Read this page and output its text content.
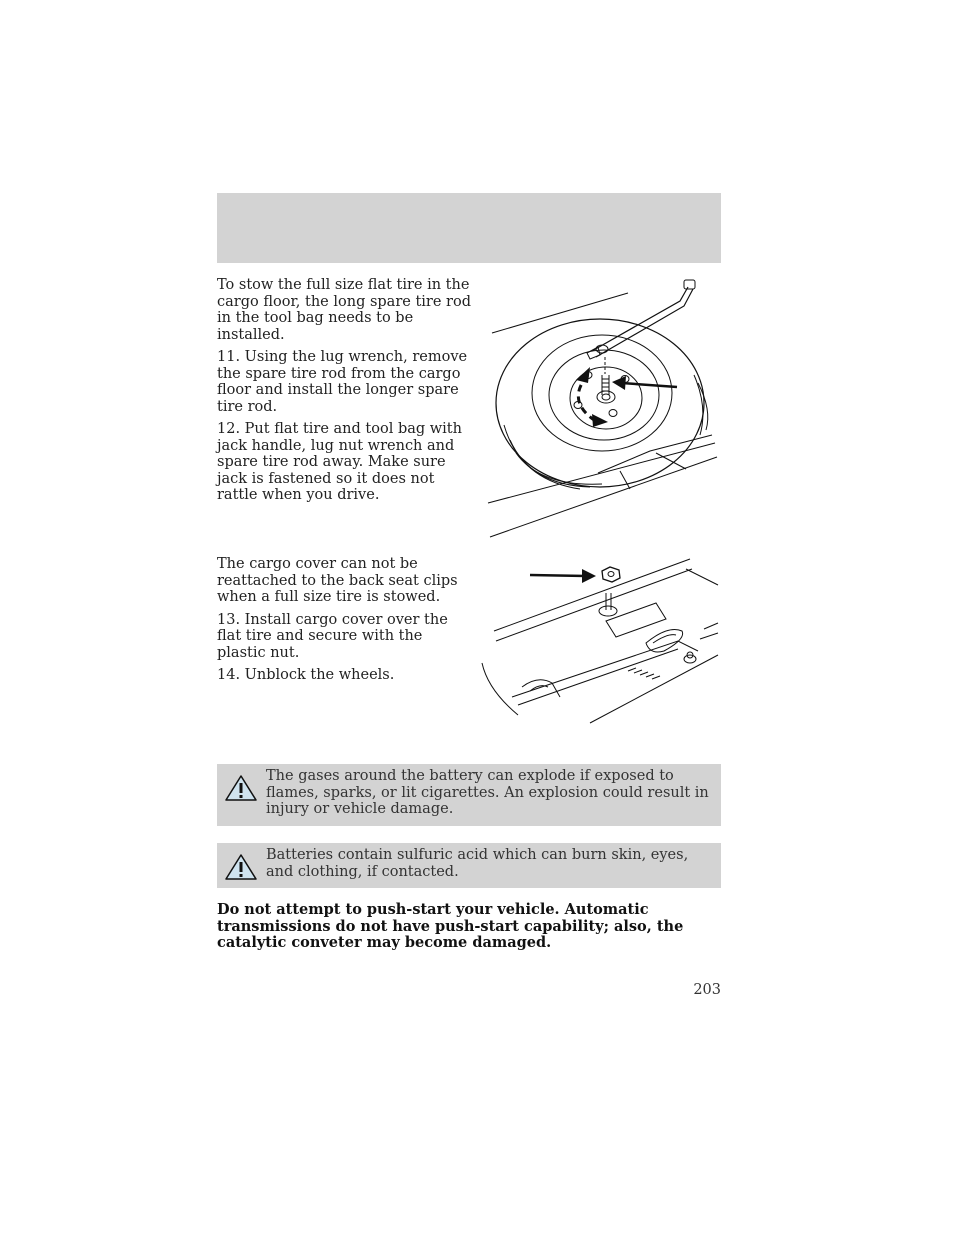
To stow the full size flat tire in the cargo floor, the long spare tire rod in the tool bag needs to be installed.

11. Using the lug wrench, remove the spare tire rod from the cargo floor and install the longer spare tire rod.

12. Put flat tire and tool bag with jack handle, lug nut wrench and spare tire rod away. Make sure jack is fastened so it does not rattle when you drive.

The cargo cover can not be reattached to the back seat clips when a full size tire is stowed.

13. Install cargo cover over the flat tire and secure with the plastic nut.

14. Unblock the wheels.

The gases around the battery can explode if exposed to flames, sparks, or lit cigarettes. An explosion could result in injury or vehicle damage.
Batteries contain sulfuric acid which can burn skin, eyes, and clothing, if contacted.
Do not attempt to push-start your vehicle. Automatic transmissions do not have push-start capability; also, the catalytic conveter may become damaged.
203
